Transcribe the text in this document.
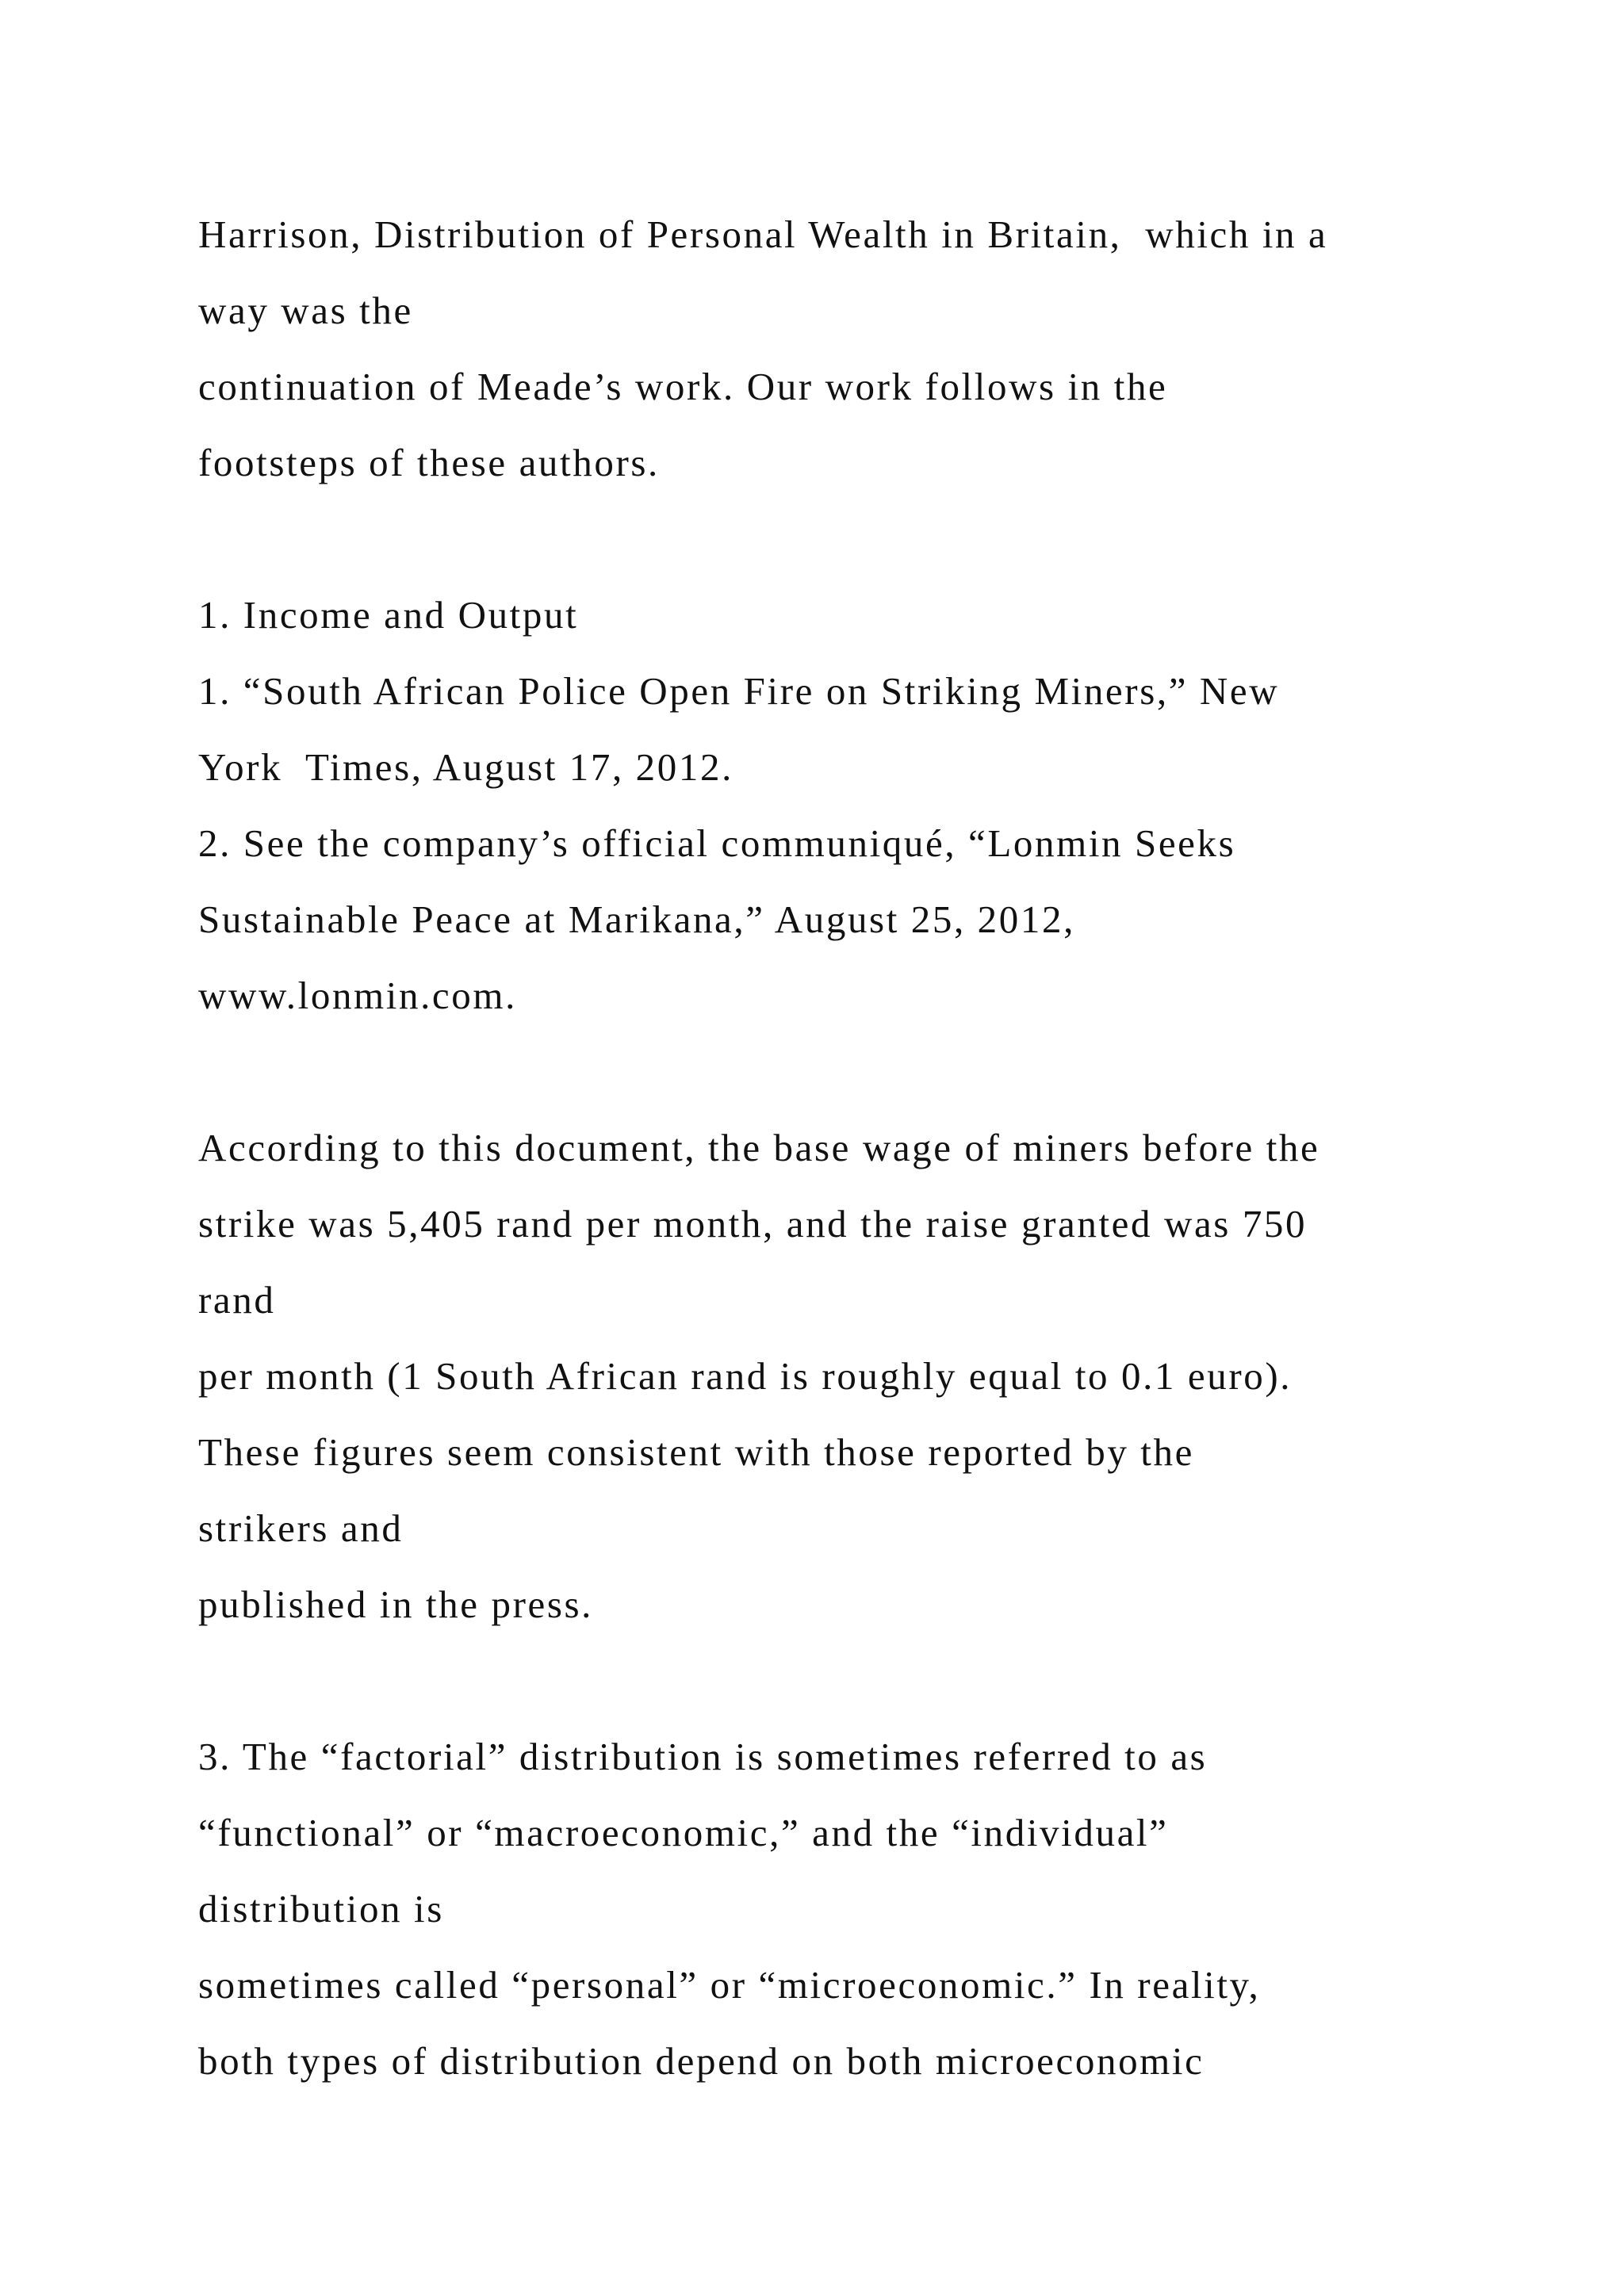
Harrison, Distribution of Personal Wealth in Britain,  which in a
way was the
continuation of Meade’s work. Our work follows in the
footsteps of these authors.
1. Income and Output
1. “South African Police Open Fire on Striking Miners,” New
York  Times, August 17, 2012.
2. See the company’s official communiqué, “Lonmin Seeks
Sustainable Peace at Marikana,” August 25, 2012,
www.lonmin.com.
According to this document, the base wage of miners before the
strike was 5,405 rand per month, and the raise granted was 750
rand
per month (1 South African rand is roughly equal to 0.1 euro).
These figures seem consistent with those reported by the
strikers and
published in the press.
3. The “factorial” distribution is sometimes referred to as
“functional” or “macroeconomic,” and the “individual”
distribution is
sometimes called “personal” or “microeconomic.” In reality,
both types of distribution depend on both microeconomic
